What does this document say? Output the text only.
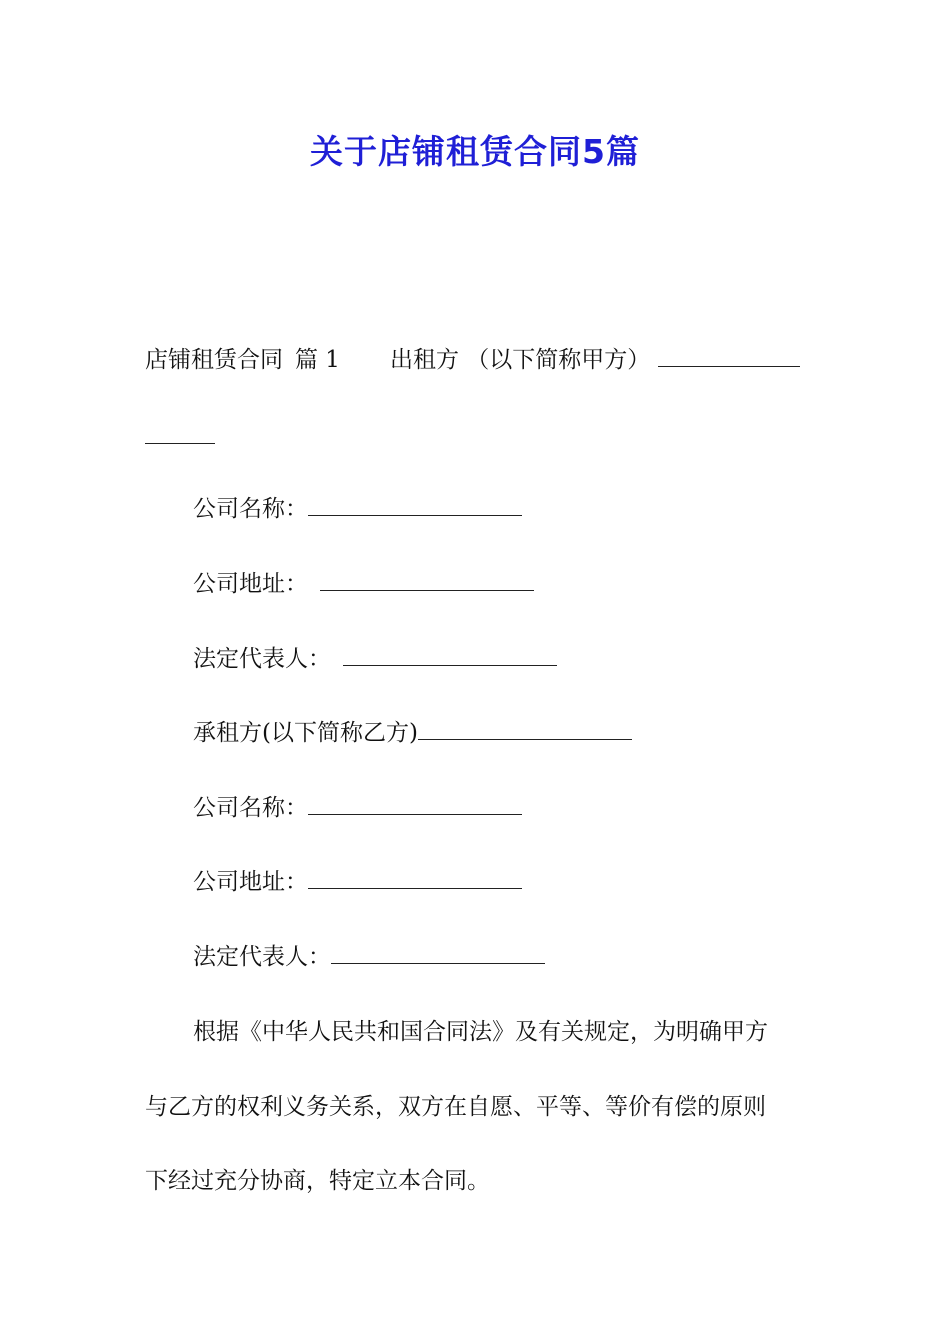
关于店铺租赁合同5篇
店铺租赁合同 篇 1 出租方 （以下简称甲方）
公司名称：
公司地址：
法定代表人：
承租方(以下简称乙方)
公司名称：
公司地址：
法定代表人：
根据《中华人民共和国合同法》及有关规定，为明确甲方
与乙方的权利义务关系，双方在自愿、平等、等价有偿的原则
下经过充分协商，特定立本合同。
